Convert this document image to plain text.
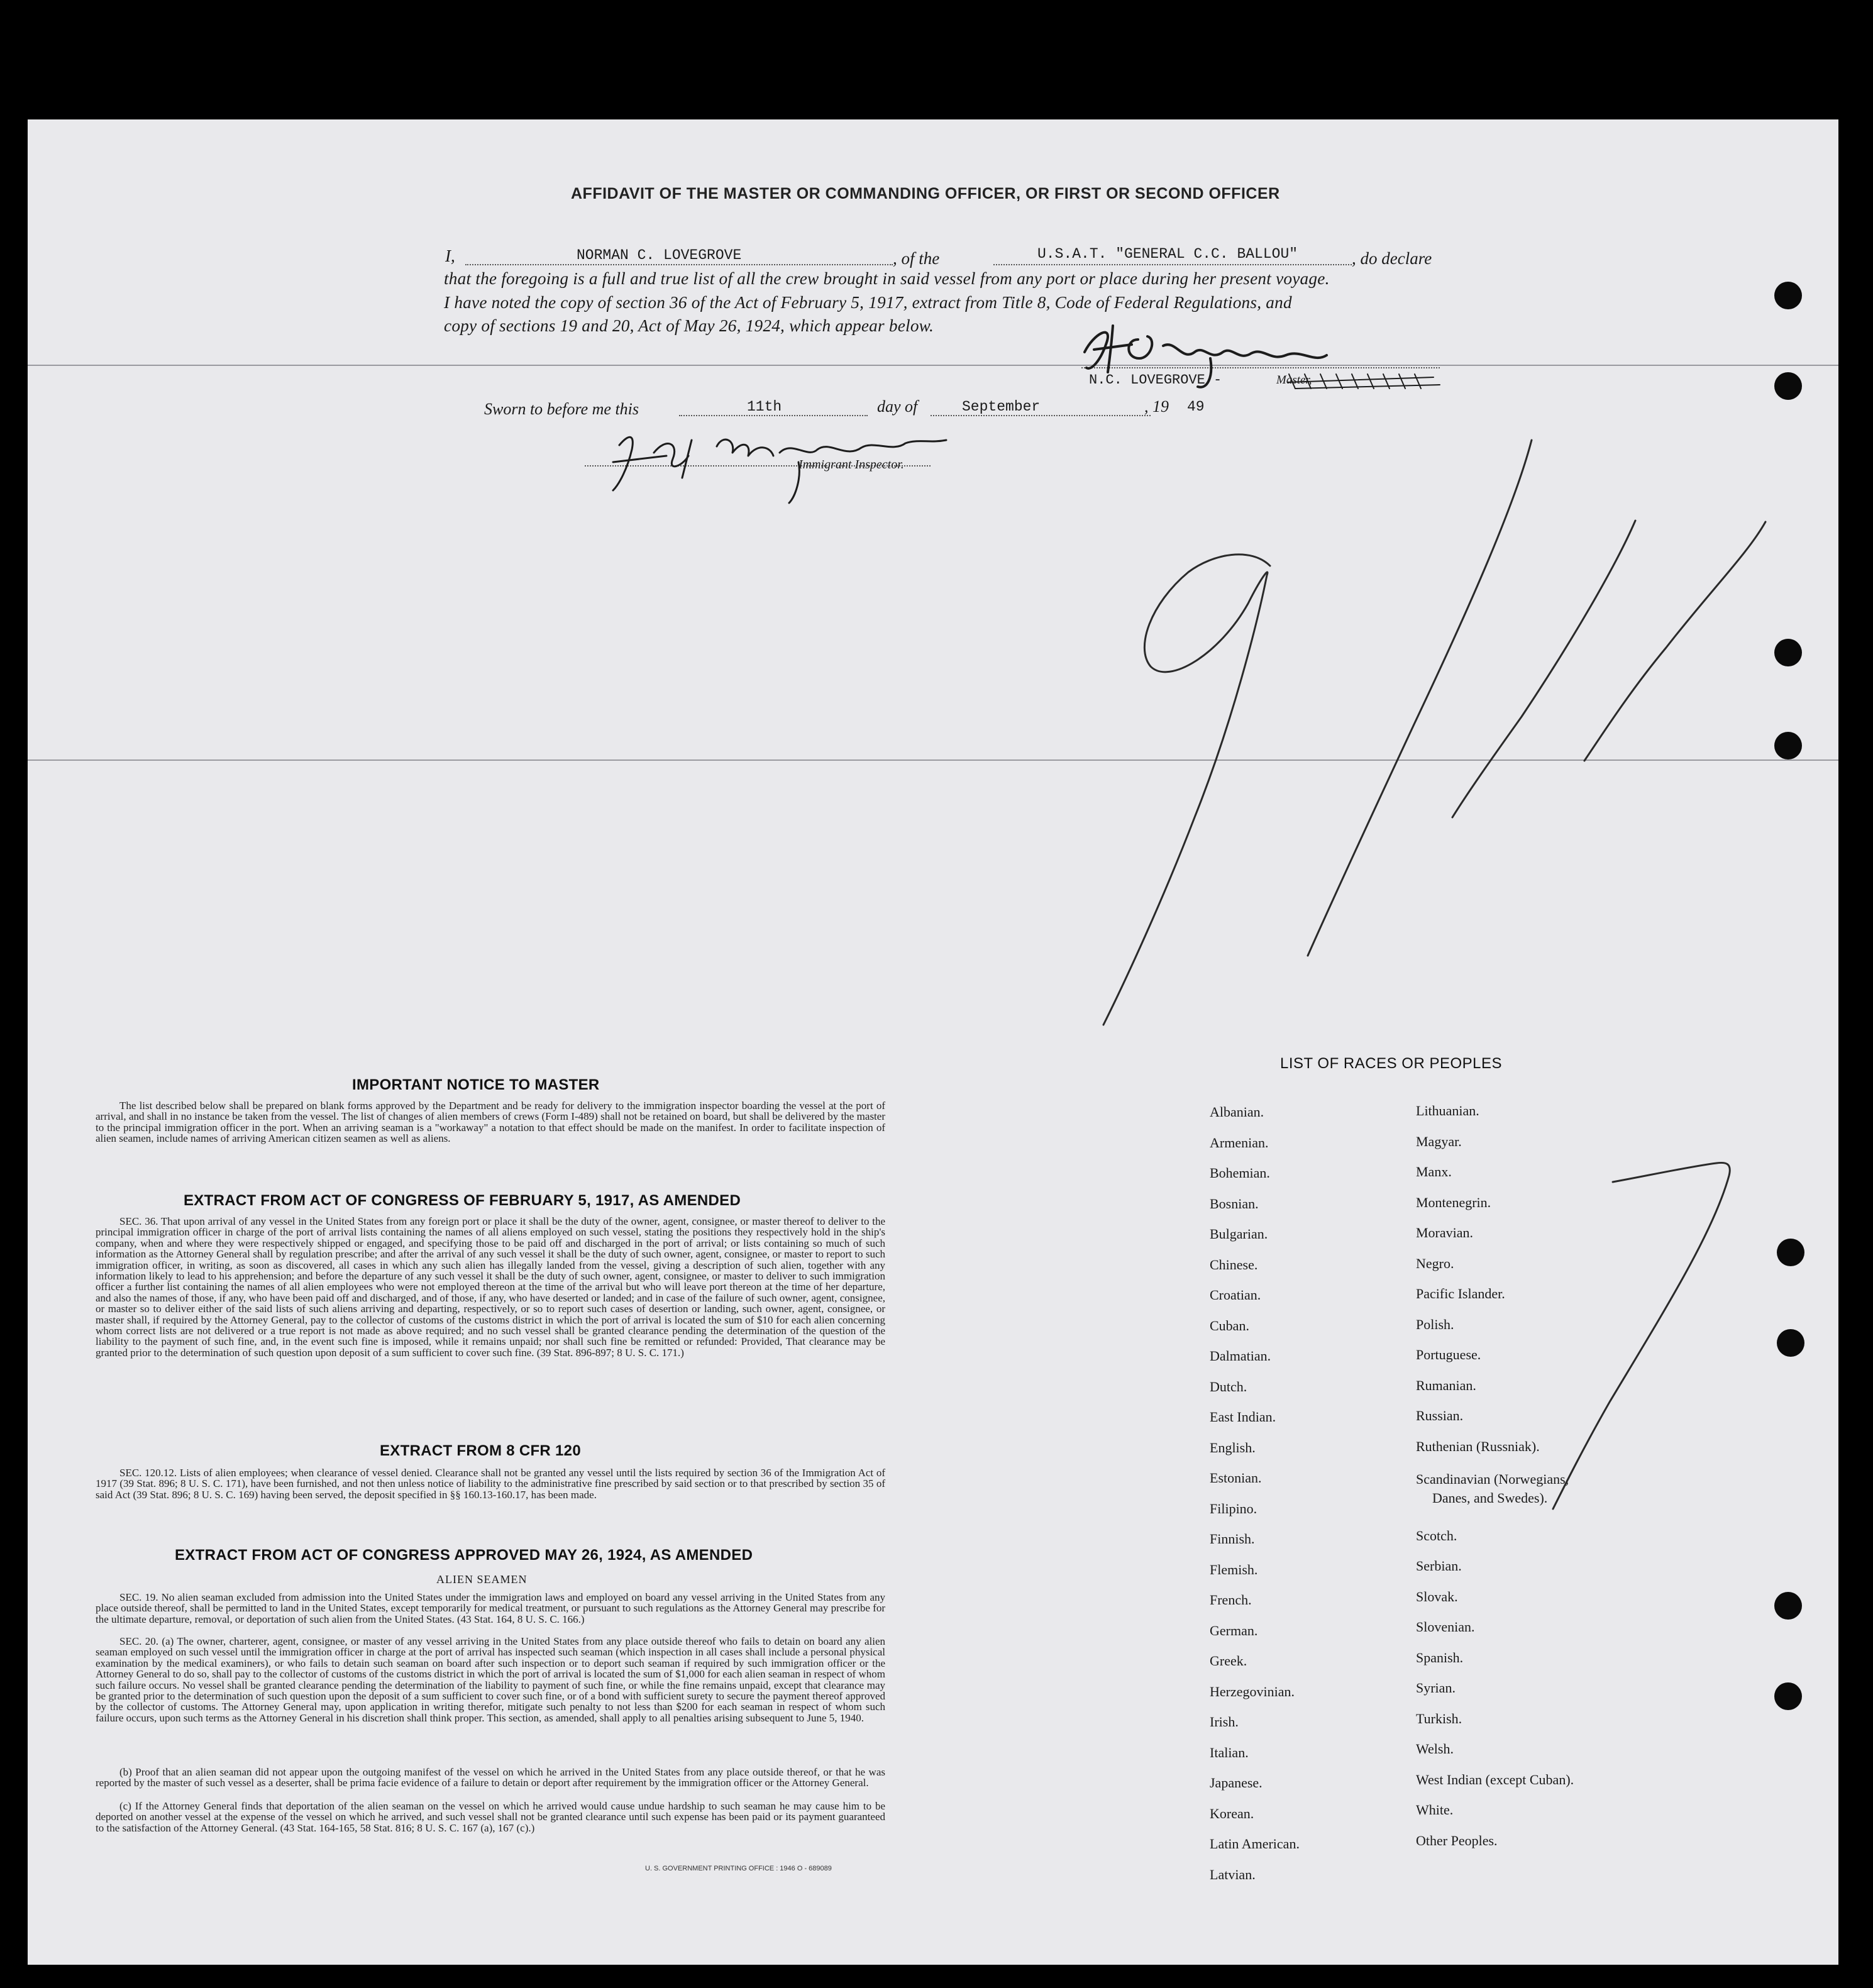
AFFIDAVIT OF THE MASTER OR COMMANDING OFFICER, OR FIRST OR SECOND OFFICER
I,	NORMAN C. LOVEGROVE	, of the	U.S.A.T. "GENERAL C.C. BALLOU"	, do declare
that the foregoing is a full and true list of all the crew brought in said vessel from any port or place during her present voyage.
I have noted the copy of section 36 of the Act of February 5, 1917, extract from Title 8, Code of Federal Regulations, and
copy of sections 19 and 20, Act of May 26, 1924, which appear below.
N.C. LOVEGROVE -	Master,
Sworn to before me this	11th	day of	September	, 19 49
Immigrant Inspector.
IMPORTANT NOTICE TO MASTER
The list described below shall be prepared on blank forms approved by the Department and be ready for delivery to the immigration inspector boarding the vessel at the port of arrival, and shall in no instance be taken from the vessel. The list of changes of alien members of crews (Form I-489) shall not be retained on board, but shall be delivered by the master to the principal immigration officer in the port. When an arriving seaman is a "workaway" a notation to that effect should be made on the manifest. In order to facilitate inspection of alien seamen, include names of arriving American citizen seamen as well as aliens.
EXTRACT FROM ACT OF CONGRESS OF FEBRUARY 5, 1917, AS AMENDED
SEC. 36. That upon arrival of any vessel in the United States from any foreign port or place it shall be the duty of the owner, agent, consignee, or master thereof to deliver to the principal immigration officer in charge of the port of arrival lists containing the names of all aliens employed on such vessel, stating the positions they respectively hold in the ship's company, when and where they were respectively shipped or engaged, and specifying those to be paid off and discharged in the port of arrival; or lists containing so much of such information as the Attorney General shall by regulation prescribe; and after the arrival of any such vessel it shall be the duty of such owner, agent, consignee, or master to report to such immigration officer, in writing, as soon as discovered, all cases in which any such alien has illegally landed from the vessel, giving a description of such alien, together with any information likely to lead to his apprehension; and before the departure of any such vessel it shall be the duty of such owner, agent, consignee, or master to deliver to such immigration officer a further list containing the names of all alien employees who were not employed thereon at the time of the arrival but who will leave port thereon at the time of her departure, and also the names of those, if any, who have been paid off and discharged, and of those, if any, who have deserted or landed; and in case of the failure of such owner, agent, consignee, or master so to deliver either of the said lists of such aliens arriving and departing, respectively, or so to report such cases of desertion or landing, such owner, agent, consignee, or master shall, if required by the Attorney General, pay to the collector of customs of the customs district in which the port of arrival is located the sum of $10 for each alien concerning whom correct lists are not delivered or a true report is not made as above required; and no such vessel shall be granted clearance pending the determination of the question of the liability to the payment of such fine, and, in the event such fine is imposed, while it remains unpaid; nor shall such fine be remitted or refunded: Provided, That clearance may be granted prior to the determination of such question upon deposit of a sum sufficient to cover such fine. (39 Stat. 896-897; 8 U. S. C. 171.)
EXTRACT FROM 8 CFR 120
SEC. 120.12. Lists of alien employees; when clearance of vessel denied. Clearance shall not be granted any vessel until the lists required by section 36 of the Immigration Act of 1917 (39 Stat. 896; 8 U. S. C. 171), have been furnished, and not then unless notice of liability to the administrative fine prescribed by said section or to that prescribed by section 35 of said Act (39 Stat. 896; 8 U. S. C. 169) having been served, the deposit specified in §§ 160.13-160.17, has been made.
EXTRACT FROM ACT OF CONGRESS APPROVED MAY 26, 1924, AS AMENDED
ALIEN SEAMEN
SEC. 19. No alien seaman excluded from admission into the United States under the immigration laws and employed on board any vessel arriving in the United States from any place outside thereof, shall be permitted to land in the United States, except temporarily for medical treatment, or pursuant to such regulations as the Attorney General may prescribe for the ultimate departure, removal, or deportation of such alien from the United States. (43 Stat. 164, 8 U. S. C. 166.)
SEC. 20. (a) The owner, charterer, agent, consignee, or master of any vessel arriving in the United States from any place outside thereof who fails to detain on board any alien seaman employed on such vessel until the immigration officer in charge at the port of arrival has inspected such seaman (which inspection in all cases shall include a personal physical examination by the medical examiners), or who fails to detain such seaman on board after such inspection or to deport such seaman if required by such immigration officer or the Attorney General to do so, shall pay to the collector of customs of the customs district in which the port of arrival is located the sum of $1,000 for each alien seaman in respect of whom such failure occurs. No vessel shall be granted clearance pending the determination of the liability to payment of such fine, or while the fine remains unpaid, except that clearance may be granted prior to the determination of such question upon the deposit of a sum sufficient to cover such fine, or of a bond with sufficient surety to secure the payment thereof approved by the collector of customs. The Attorney General may, upon application in writing therefor, mitigate such penalty to not less than $200 for each seaman in respect of whom such failure occurs, upon such terms as the Attorney General in his discretion shall think proper. This section, as amended, shall apply to all penalties arising subsequent to June 5, 1940.
(b) Proof that an alien seaman did not appear upon the outgoing manifest of the vessel on which he arrived in the United States from any place outside thereof, or that he was reported by the master of such vessel as a deserter, shall be prima facie evidence of a failure to detain or deport after requirement by the immigration officer or the Attorney General.
(c) If the Attorney General finds that deportation of the alien seaman on the vessel on which he arrived would cause undue hardship to such seaman he may cause him to be deported on another vessel at the expense of the vessel on which he arrived, and such vessel shall not be granted clearance until such expense has been paid or its payment guaranteed to the satisfaction of the Attorney General. (43 Stat. 164-165, 58 Stat. 816; 8 U. S. C. 167 (a), 167 (c).)
U. S. GOVERNMENT PRINTING OFFICE : 1946 O - 689089
LIST OF RACES OR PEOPLES
Albanian.
Armenian.
Bohemian.
Bosnian.
Bulgarian.
Chinese.
Croatian.
Cuban.
Dalmatian.
Dutch.
East Indian.
English.
Estonian.
Filipino.
Finnish.
Flemish.
French.
German.
Greek.
Herzegovinian.
Irish.
Italian.
Japanese.
Korean.
Latin American.
Latvian.
Lithuanian.
Magyar.
Manx.
Montenegrin.
Moravian.
Negro.
Pacific Islander.
Polish.
Portuguese.
Rumanian.
Russian.
Ruthenian (Russniak).
Scandinavian (Norwegians,
Danes, and Swedes).
Scotch.
Serbian.
Slovak.
Slovenian.
Spanish.
Syrian.
Turkish.
Welsh.
West Indian (except Cuban).
White.
Other Peoples.
